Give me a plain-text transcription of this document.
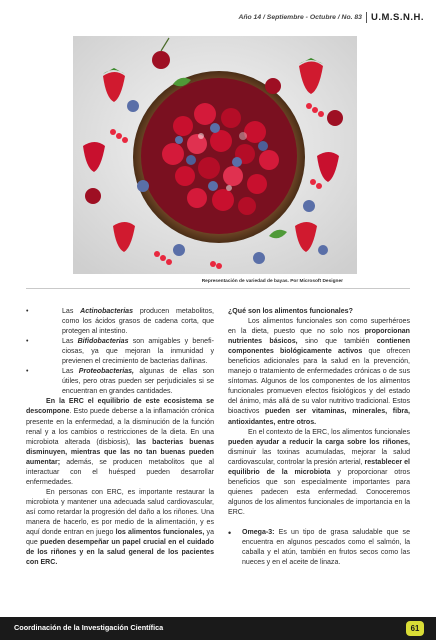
Año 14 / Septiembre - Octubre / No. 83 U.M.S.N.H.
Representación de variedad de bayas. Por Microsoft Designer
•	Las Actinobacterias producen metabolitos, como los ácidos grasos de cadena corta, que protegen al intestino.
•	Las Bifidobacterias son amigables y beneficiosas, ya que mejoran la inmunidad y previenen el crecimiento de bacterias dañinas.
•	Las Proteobacterias, algunas de ellas son útiles, pero otras pueden ser perjudiciales si se encuentran en grandes cantidades.

En la ERC el equilibrio de este ecosistema se descompone. Esto puede deberse a la inflamación crónica presente en la enfermedad, a la disminución de la función renal y a los cambios o restricciones de la dieta. En una microbiota alterada (disbiosis), las bacterias buenas disminuyen, mientras que las no tan buenas pueden aumentar; además, se producen metabolitos que al interactuar con el huésped pueden desarrollar enfermedades.

En personas con ERC, es importante restaurar la microbiota y mantener una adecuada salud cardiovascular, así como retardar la progresión del daño a los riñones. Una manera de hacerlo, es por medio de la alimentación, y es aquí donde entran en juego los alimentos funcionales, ya que pueden desempeñar un papel crucial en el cuidado de los riñones y en la salud general de los pacientes con ERC.

¿Qué son los alimentos funcionales?

Los alimentos funcionales son como superhéroes en la dieta, puesto que no solo nos proporcionan nutrientes básicos, sino que también contienen componentes biológicamente activos que ofrecen beneficios adicionales para la salud en la prevención, manejo o tratamiento de enfermedades crónicas o de sus síntomas. Algunos de los componentes de los alimentos funcionales promueven efectos fisiológicos y del estado del ánimo, más allá de su valor nutritivo tradicional. Estos bioactivos pueden ser vitaminas, minerales, fibra, antioxidantes, entre otros.

En el contexto de la ERC, los alimentos funcionales pueden ayudar a reducir la carga sobre los riñones, disminuir las toxinas acumuladas, mejorar la salud cardiovascular, controlar la presión arterial, restablecer el equilibrio de la microbiota y proporcionar otros beneficios que son especialmente importantes para quienes padecen esta enfermedad. Conoceremos algunos de los alimentos funcionales de importancia en la ERC.

•	Omega-3: Es un tipo de grasa saludable que se encuentra en algunos pescados como el salmón, la caballa y el atún, también en frutos secos como las nueces y en el aceite de linaza.
Coordinación de la Investigación Científica	61
